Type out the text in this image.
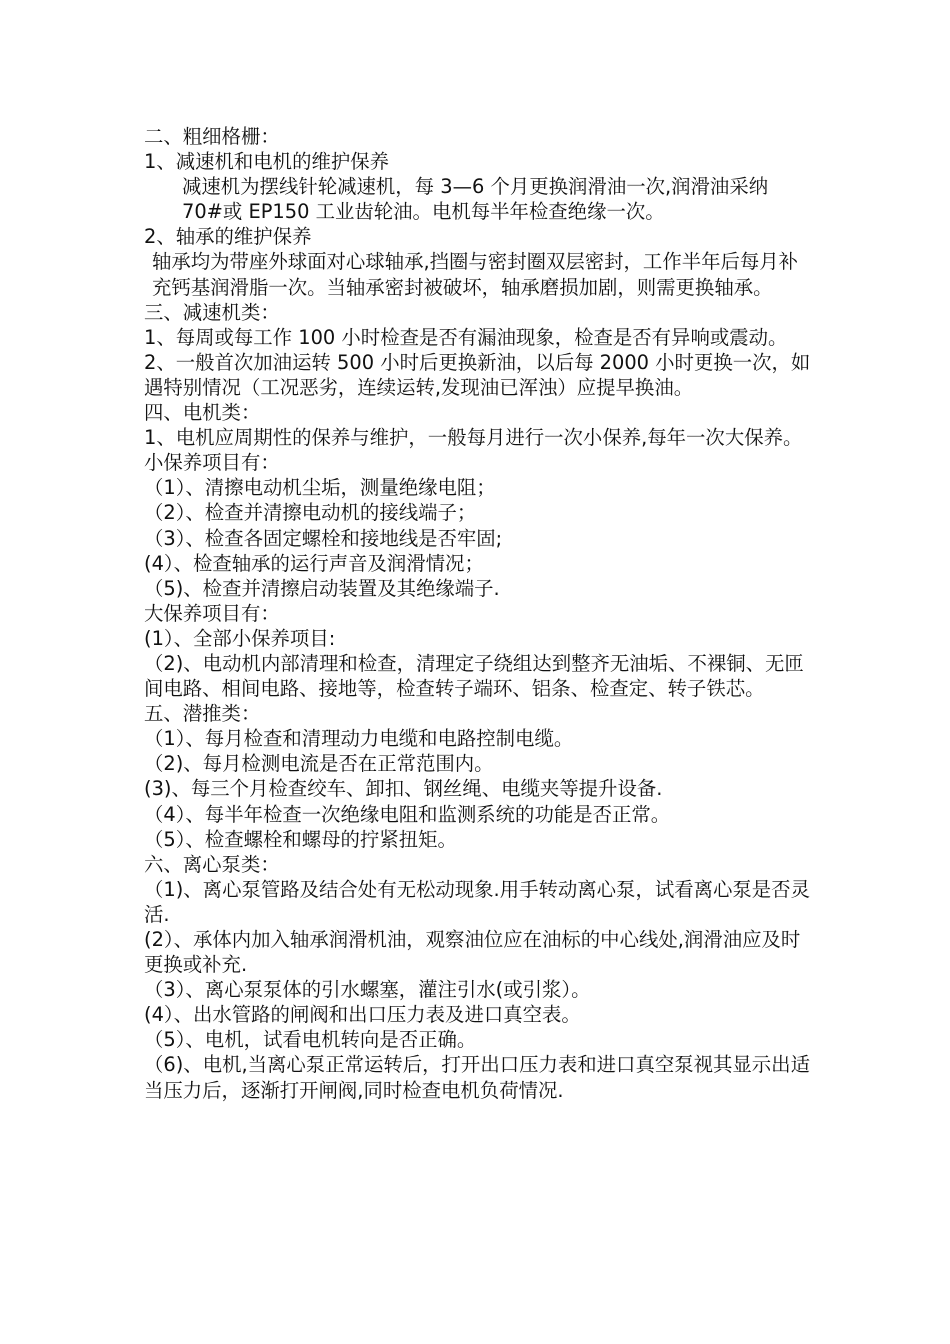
二、粗细格栅：

1、减速机和电机的维护保养

减速机为摆线针轮减速机，每 3—6 个月更换润滑油一次,润滑油采纳 70#或 EP150 工业齿轮油。电机每半年检查绝缘一次。

2、轴承的维护保养

轴承均为带座外球面对心球轴承,挡圈与密封圈双层密封，工作半年后每月补充钙基润滑脂一次。当轴承密封被破坏，轴承磨损加剧，则需更换轴承。

三、减速机类：

1、每周或每工作 100 小时检查是否有漏油现象，检查是否有异响或震动。

2、一般首次加油运转 500 小时后更换新油，以后每 2000 小时更换一次，如遇特别情况（工况恶劣，连续运转,发现油已浑浊）应提早换油。

四、电机类：

1、电机应周期性的保养与维护，一般每月进行一次小保养,每年一次大保养。

小保养项目有：

（1）、清擦电动机尘垢，测量绝缘电阻；

（2）、检查并清擦电动机的接线端子；

（3）、检查各固定螺栓和接地线是否牢固;

(4）、检查轴承的运行声音及润滑情况；

（5)、检查并清擦启动装置及其绝缘端子.

大保养项目有：

(1）、全部小保养项目:

（2)、电动机内部清理和检查，清理定子绕组达到整齐无油垢、不裸铜、无匝间电路、相间电路、接地等，检查转子端环、铝条、检查定、转子铁芯。

五、潜推类：

（1）、每月检查和清理动力电缆和电路控制电缆。

（2)、每月检测电流是否在正常范围内。

(3)、每三个月检查绞车、卸扣、钢丝绳、电缆夹等提升设备.

（4）、每半年检查一次绝缘电阻和监测系统的功能是否正常。

（5）、检查螺栓和螺母的拧紧扭矩。

六、离心泵类：

（1)、离心泵管路及结合处有无松动现象.用手转动离心泵，试看离心泵是否灵活.

(2）、承体内加入轴承润滑机油，观察油位应在油标的中心线处,润滑油应及时更换或补充.

（3）、离心泵泵体的引水螺塞，灌注引水(或引浆）。

(4）、出水管路的闸阀和出口压力表及进口真空表。

（5）、电机，试看电机转向是否正确。

（6)、电机,当离心泵正常运转后，打开出口压力表和进口真空泵视其显示出适当压力后，逐渐打开闸阀,同时检查电机负荷情况.
